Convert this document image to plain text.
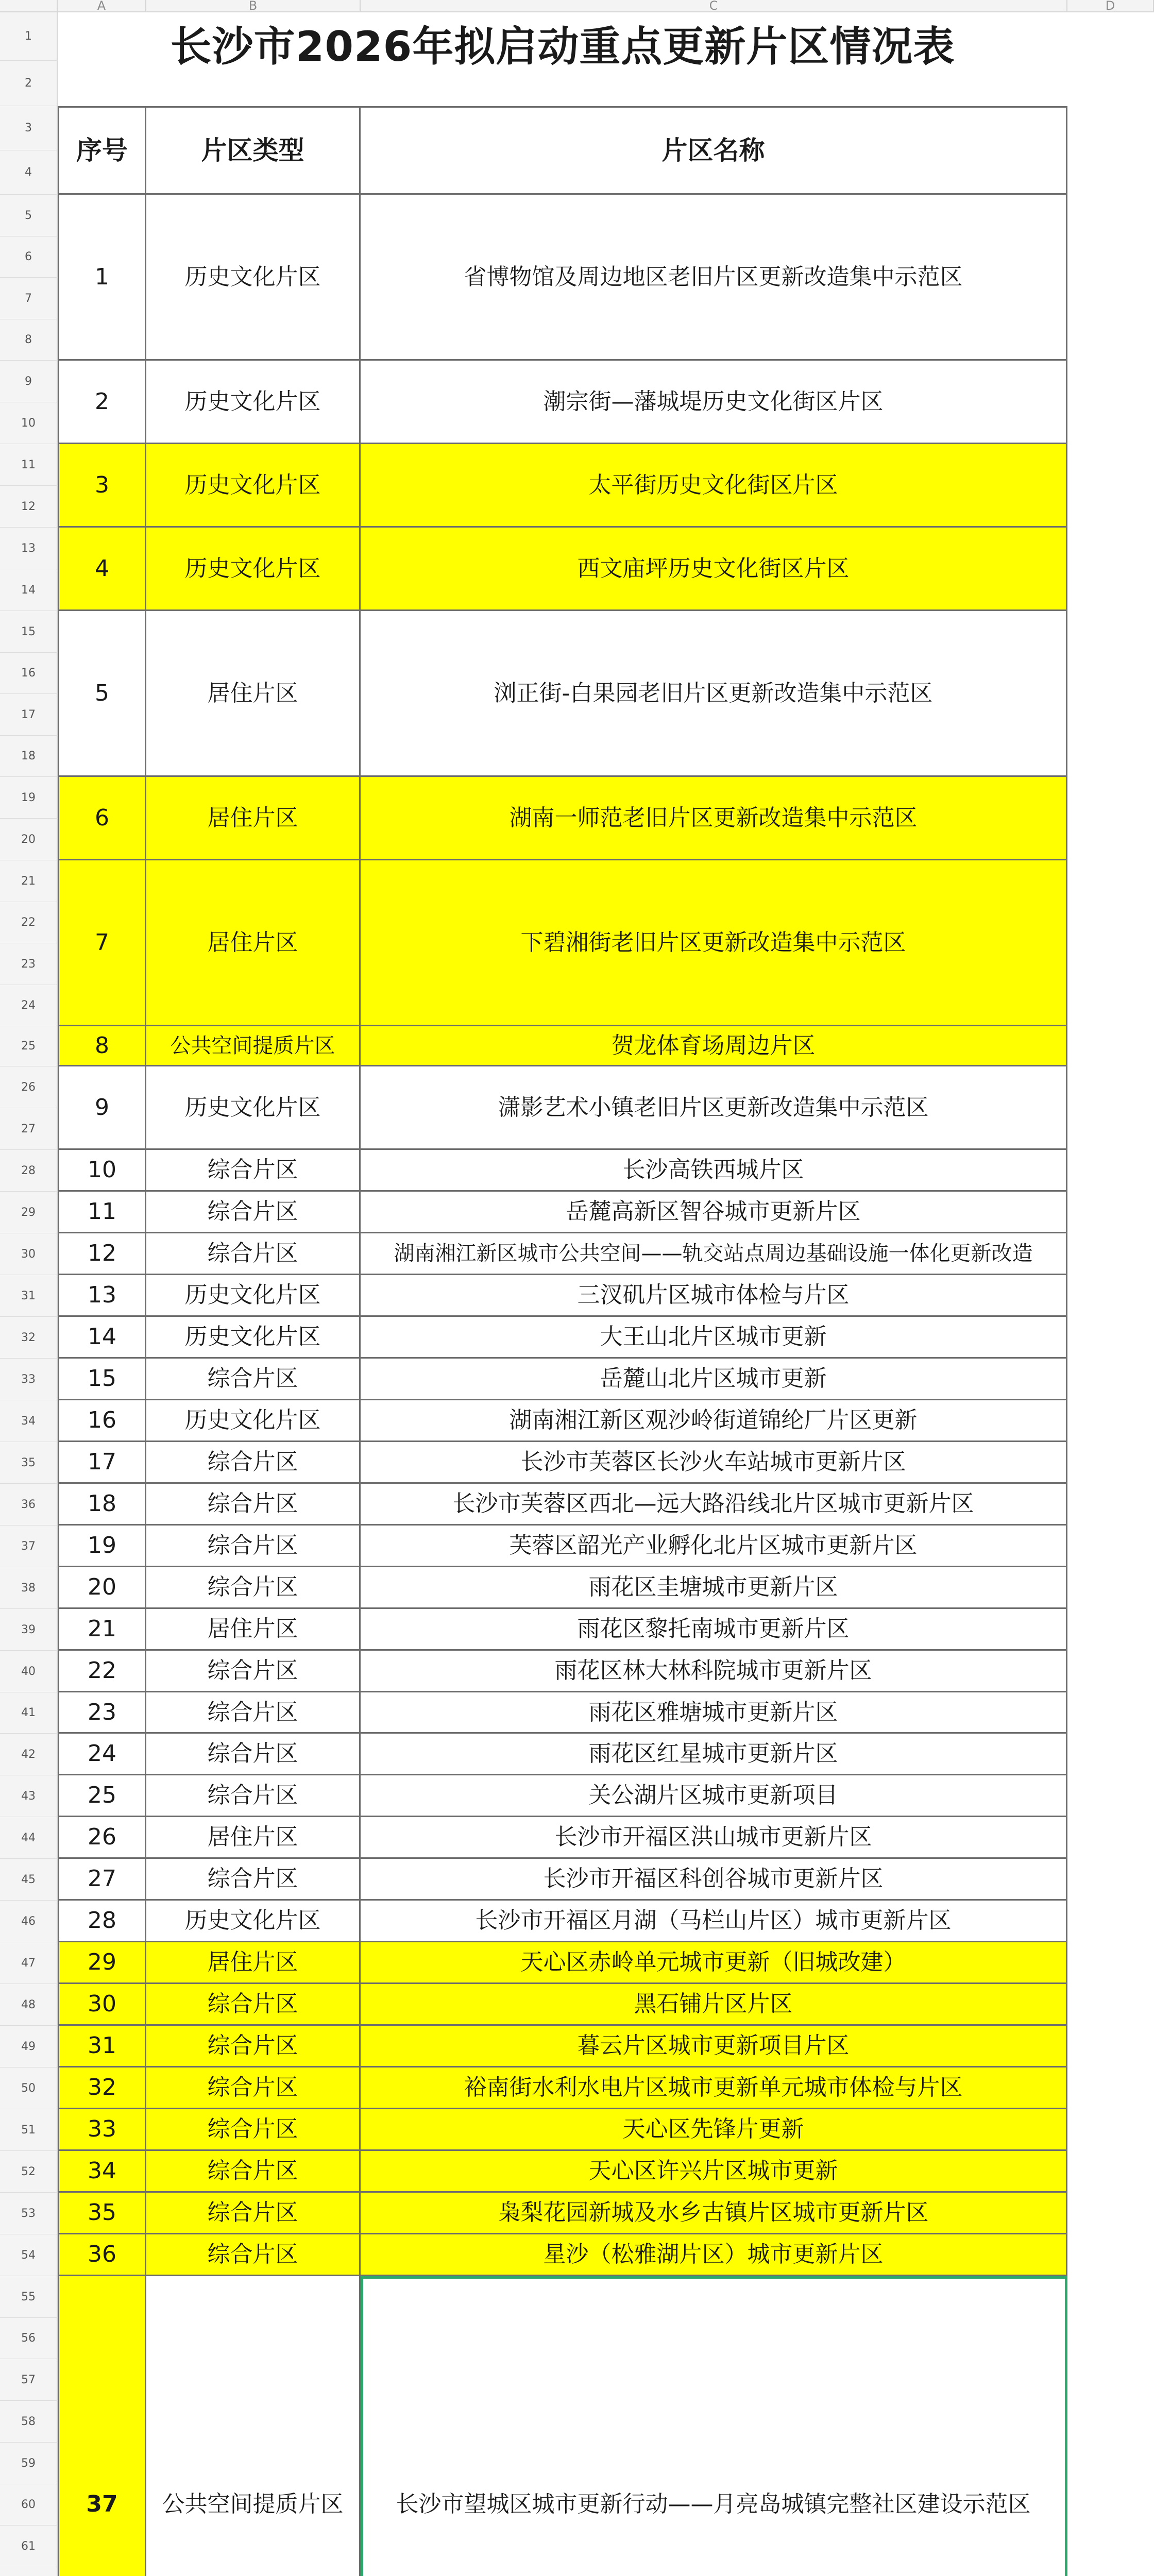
A	B	C	D
1
2
3
4
5
6
7
8
9
10
11
12
13
14
15
16
17
18
19
20
21
22
23
24
25
26
27
28
29
30
31
32
33
34
35
36
37
38
39
40
41
42
43
44
45
46
47
48
49
50
51
52
53
54
55
56
57
58
59
60
61
长沙市2026年拟启动重点更新片区情况表
序号	片区类型	片区名称
1	历史文化片区	省博物馆及周边地区老旧片区更新改造集中示范区
2	历史文化片区	潮宗街—藩城堤历史文化街区片区
3	历史文化片区	太平街历史文化街区片区
4	历史文化片区	西文庙坪历史文化街区片区
5	居住片区	浏正街-白果园老旧片区更新改造集中示范区
6	居住片区	湖南一师范老旧片区更新改造集中示范区
7	居住片区	下碧湘街老旧片区更新改造集中示范区
8	公共空间提质片区	贺龙体育场周边片区
9	历史文化片区	潇影艺术小镇老旧片区更新改造集中示范区
10	综合片区	长沙高铁西城片区
11	综合片区	岳麓高新区智谷城市更新片区
12	综合片区	湖南湘江新区城市公共空间——轨交站点周边基础设施一体化更新改造
13	历史文化片区	三汊矶片区城市体检与片区
14	历史文化片区	大王山北片区城市更新
15	综合片区	岳麓山北片区城市更新
16	历史文化片区	湖南湘江新区观沙岭街道锦纶厂片区更新
17	综合片区	长沙市芙蓉区长沙火车站城市更新片区
18	综合片区	长沙市芙蓉区西北—远大路沿线北片区城市更新片区
19	综合片区	芙蓉区韶光产业孵化北片区城市更新片区
20	综合片区	雨花区圭塘城市更新片区
21	居住片区	雨花区黎托南城市更新片区
22	综合片区	雨花区林大林科院城市更新片区
23	综合片区	雨花区雅塘城市更新片区
24	综合片区	雨花区红星城市更新片区
25	综合片区	关公湖片区城市更新项目
26	居住片区	长沙市开福区洪山城市更新片区
27	综合片区	长沙市开福区科创谷城市更新片区
28	历史文化片区	长沙市开福区月湖（马栏山片区）城市更新片区
29	居住片区	天心区赤岭单元城市更新（旧城改建）
30	综合片区	黑石铺片区片区
31	综合片区	暮云片区城市更新项目片区
32	综合片区	裕南街水利水电片区城市更新单元城市体检与片区
33	综合片区	天心区先锋片更新
34	综合片区	天心区许兴片区城市更新
35	综合片区	枭梨花园新城及水乡古镇片区城市更新片区
36	综合片区	星沙（松雅湖片区）城市更新片区
37	公共空间提质片区	长沙市望城区城市更新行动——月亮岛城镇完整社区建设示范区
